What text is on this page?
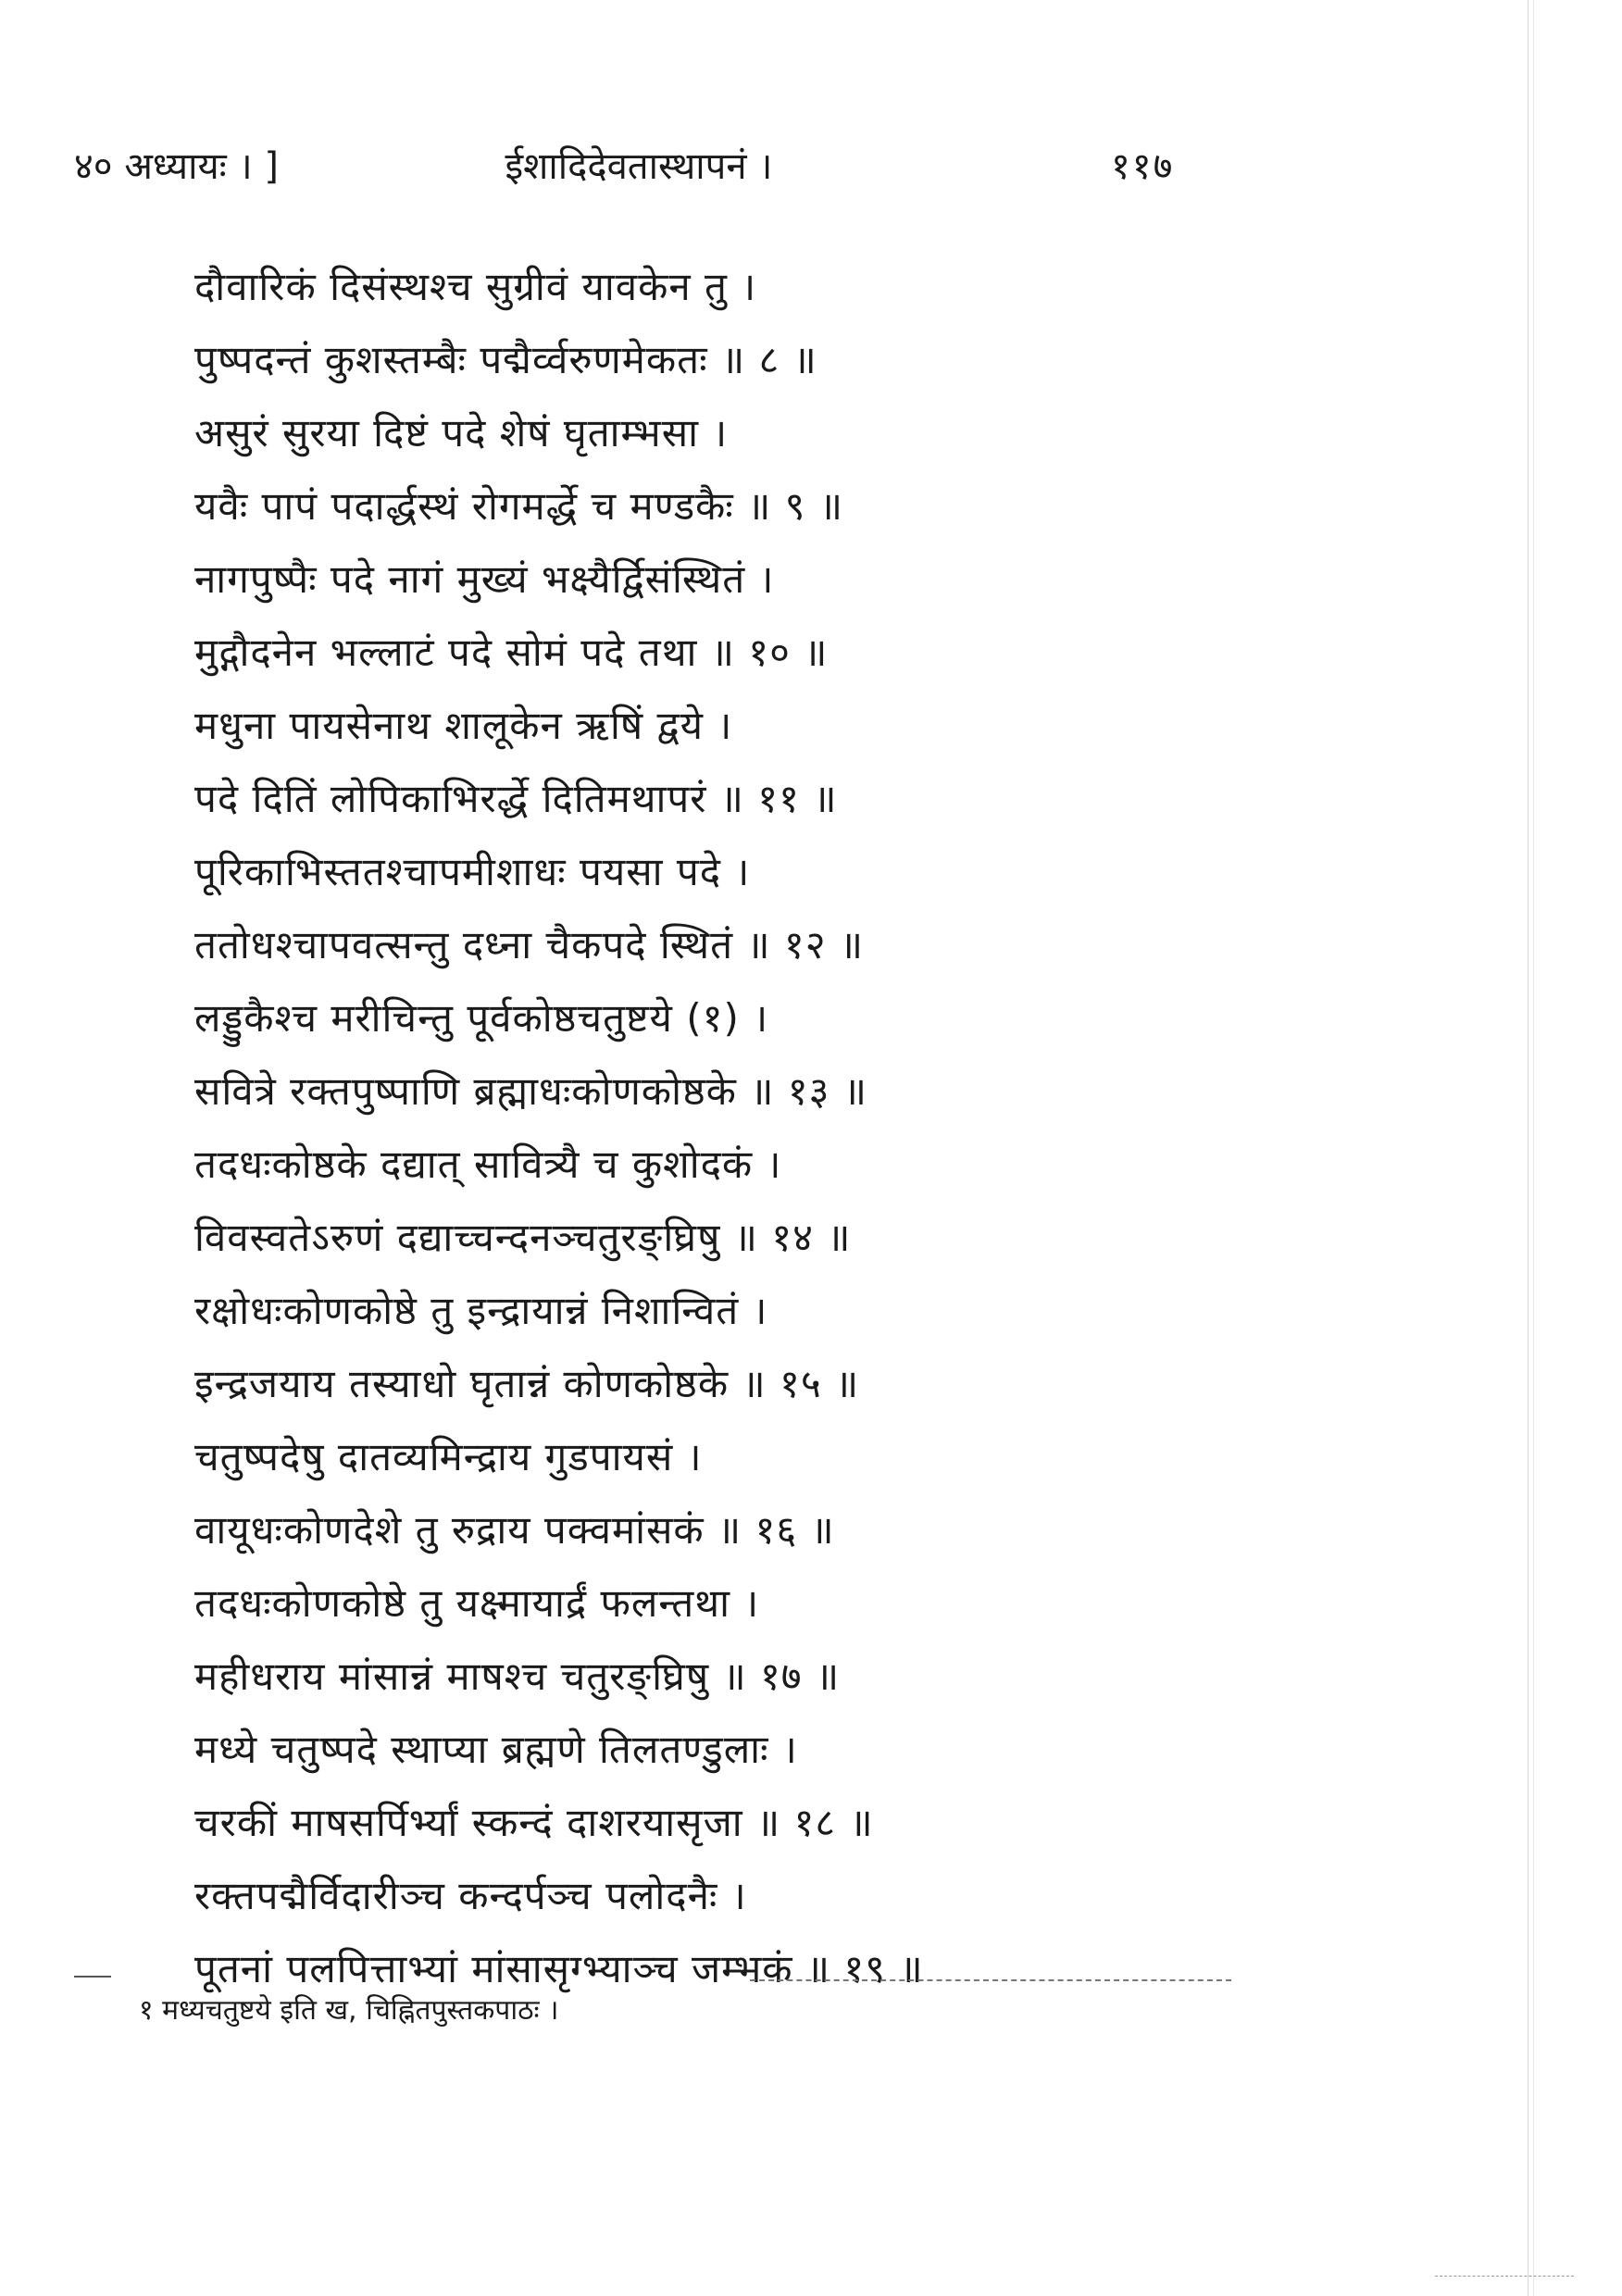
४० अध्यायः । ]	ईशादिदेवतास्थापनं ।	११७
दौवारिकं दिसंस्थश्च सुग्रीवं यावकेन तु ।
पुष्पदन्तं कुशस्तम्बैः पद्मैर्व्वरुणमेकतः ॥ ८ ॥
असुरं सुरया दिष्टं पदे शेषं घृताम्भसा ।
यवैः पापं पदार्द्धस्थं रोगमर्द्धे च मण्डकैः ॥ ९ ॥
नागपुष्पैः पदे नागं मुख्यं भक्ष्यैर्द्विसंस्थितं ।
मुद्गौदनेन भल्लाटं पदे सोमं पदे तथा ॥ १० ॥
मधुना पायसेनाथ शालूकेन ऋषिं द्वये ।
पदे दितिं लोपिकाभिरर्द्धे दितिमथापरं ॥ ११ ॥
पूरिकाभिस्ततश्चापमीशाधः पयसा पदे ।
ततोधश्चापवत्सन्तु दध्ना चैकपदे स्थितं ॥ १२ ॥
लड्डुकैश्च मरीचिन्तु पूर्वकोष्ठचतुष्टये (१) ।
सवित्रे रक्तपुष्पाणि ब्रह्माधःकोणकोष्ठके ॥ १३ ॥
तदधःकोष्ठके दद्यात् सावित्र्यै च कुशोदकं ।
विवस्वतेऽरुणं दद्याच्चन्दनञ्चतुरङ्घ्रिषु ॥ १४ ॥
रक्षोधःकोणकोष्ठे तु इन्द्रायान्नं निशान्वितं ।
इन्द्रजयाय तस्याधो घृतान्नं कोणकोष्ठके ॥ १५ ॥
चतुष्पदेषु दातव्यमिन्द्राय गुडपायसं ।
वायूधःकोणदेशे तु रुद्राय पक्वमांसकं ॥ १६ ॥
तदधःकोणकोष्ठे तु यक्ष्मायार्द्रं फलन्तथा ।
महीधराय मांसान्नं माषश्च चतुरङ्घ्रिषु ॥ १७ ॥
मध्ये चतुष्पदे स्थाप्या ब्रह्मणे तिलतण्डुलाः ।
चरकीं माषसर्पिर्भ्यां स्कन्दं दाशरयासृजा ॥ १८ ॥
रक्तपद्मैर्विदारीञ्च कन्दर्पञ्च पलोदनैः ।
पूतनां पलपित्ताभ्यां मांसासृग्भ्याञ्च जम्भकं ॥ १९ ॥
१ मध्यचतुष्टये इति ख, चिह्नितपुस्तकपाठः ।
